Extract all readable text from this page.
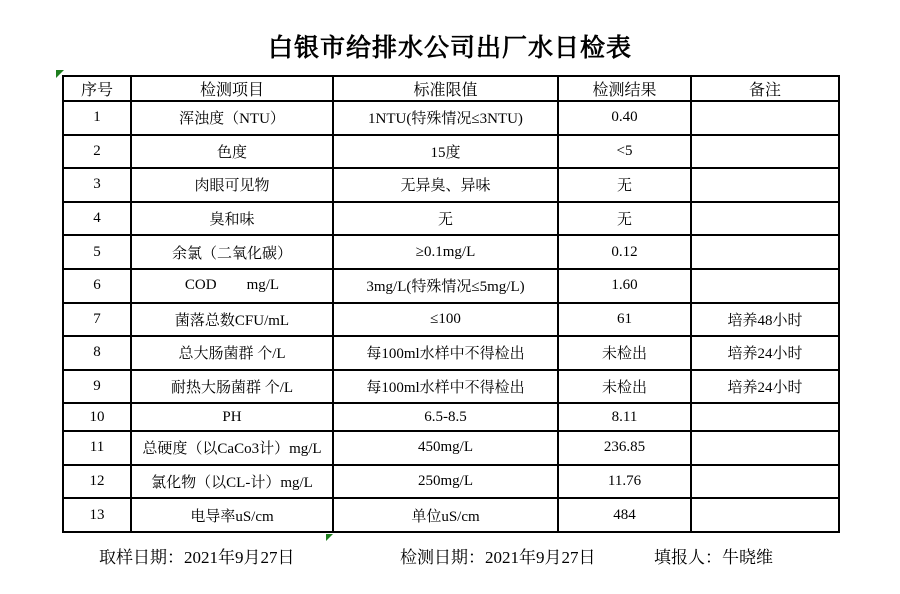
白银市给排水公司出厂水日检表
序号	检测项目	标准限值	检测结果	备注
1	浑浊度（NTU）	1NTU(特殊情况≤3NTU)	0.40	
2	色度	15度	<5	
3	肉眼可见物	无异臭、异味	无	
4	臭和味	无	无	
5	余氯（二氧化碳）	≥0.1mg/L	0.12	
6	COD        mg/L	3mg/L(特殊情况≤5mg/L)	1.60	
7	菌落总数CFU/mL	≤100	61	培养48小时
8	总大肠菌群 个/L	每100ml水样中不得检出	未检出	培养24小时
9	耐热大肠菌群 个/L	每100ml水样中不得检出	未检出	培养24小时
10	PH	6.5-8.5	8.11	
11	总硬度（以CaCo3计）mg/L	450mg/L	236.85	
12	氯化物（以CL-计）mg/L	250mg/L	11.76	
13	电导率uS/cm	单位uS/cm	484	
取样日期：2021年9月27日	检测日期：2021年9月27日	填报人：牛晓维
